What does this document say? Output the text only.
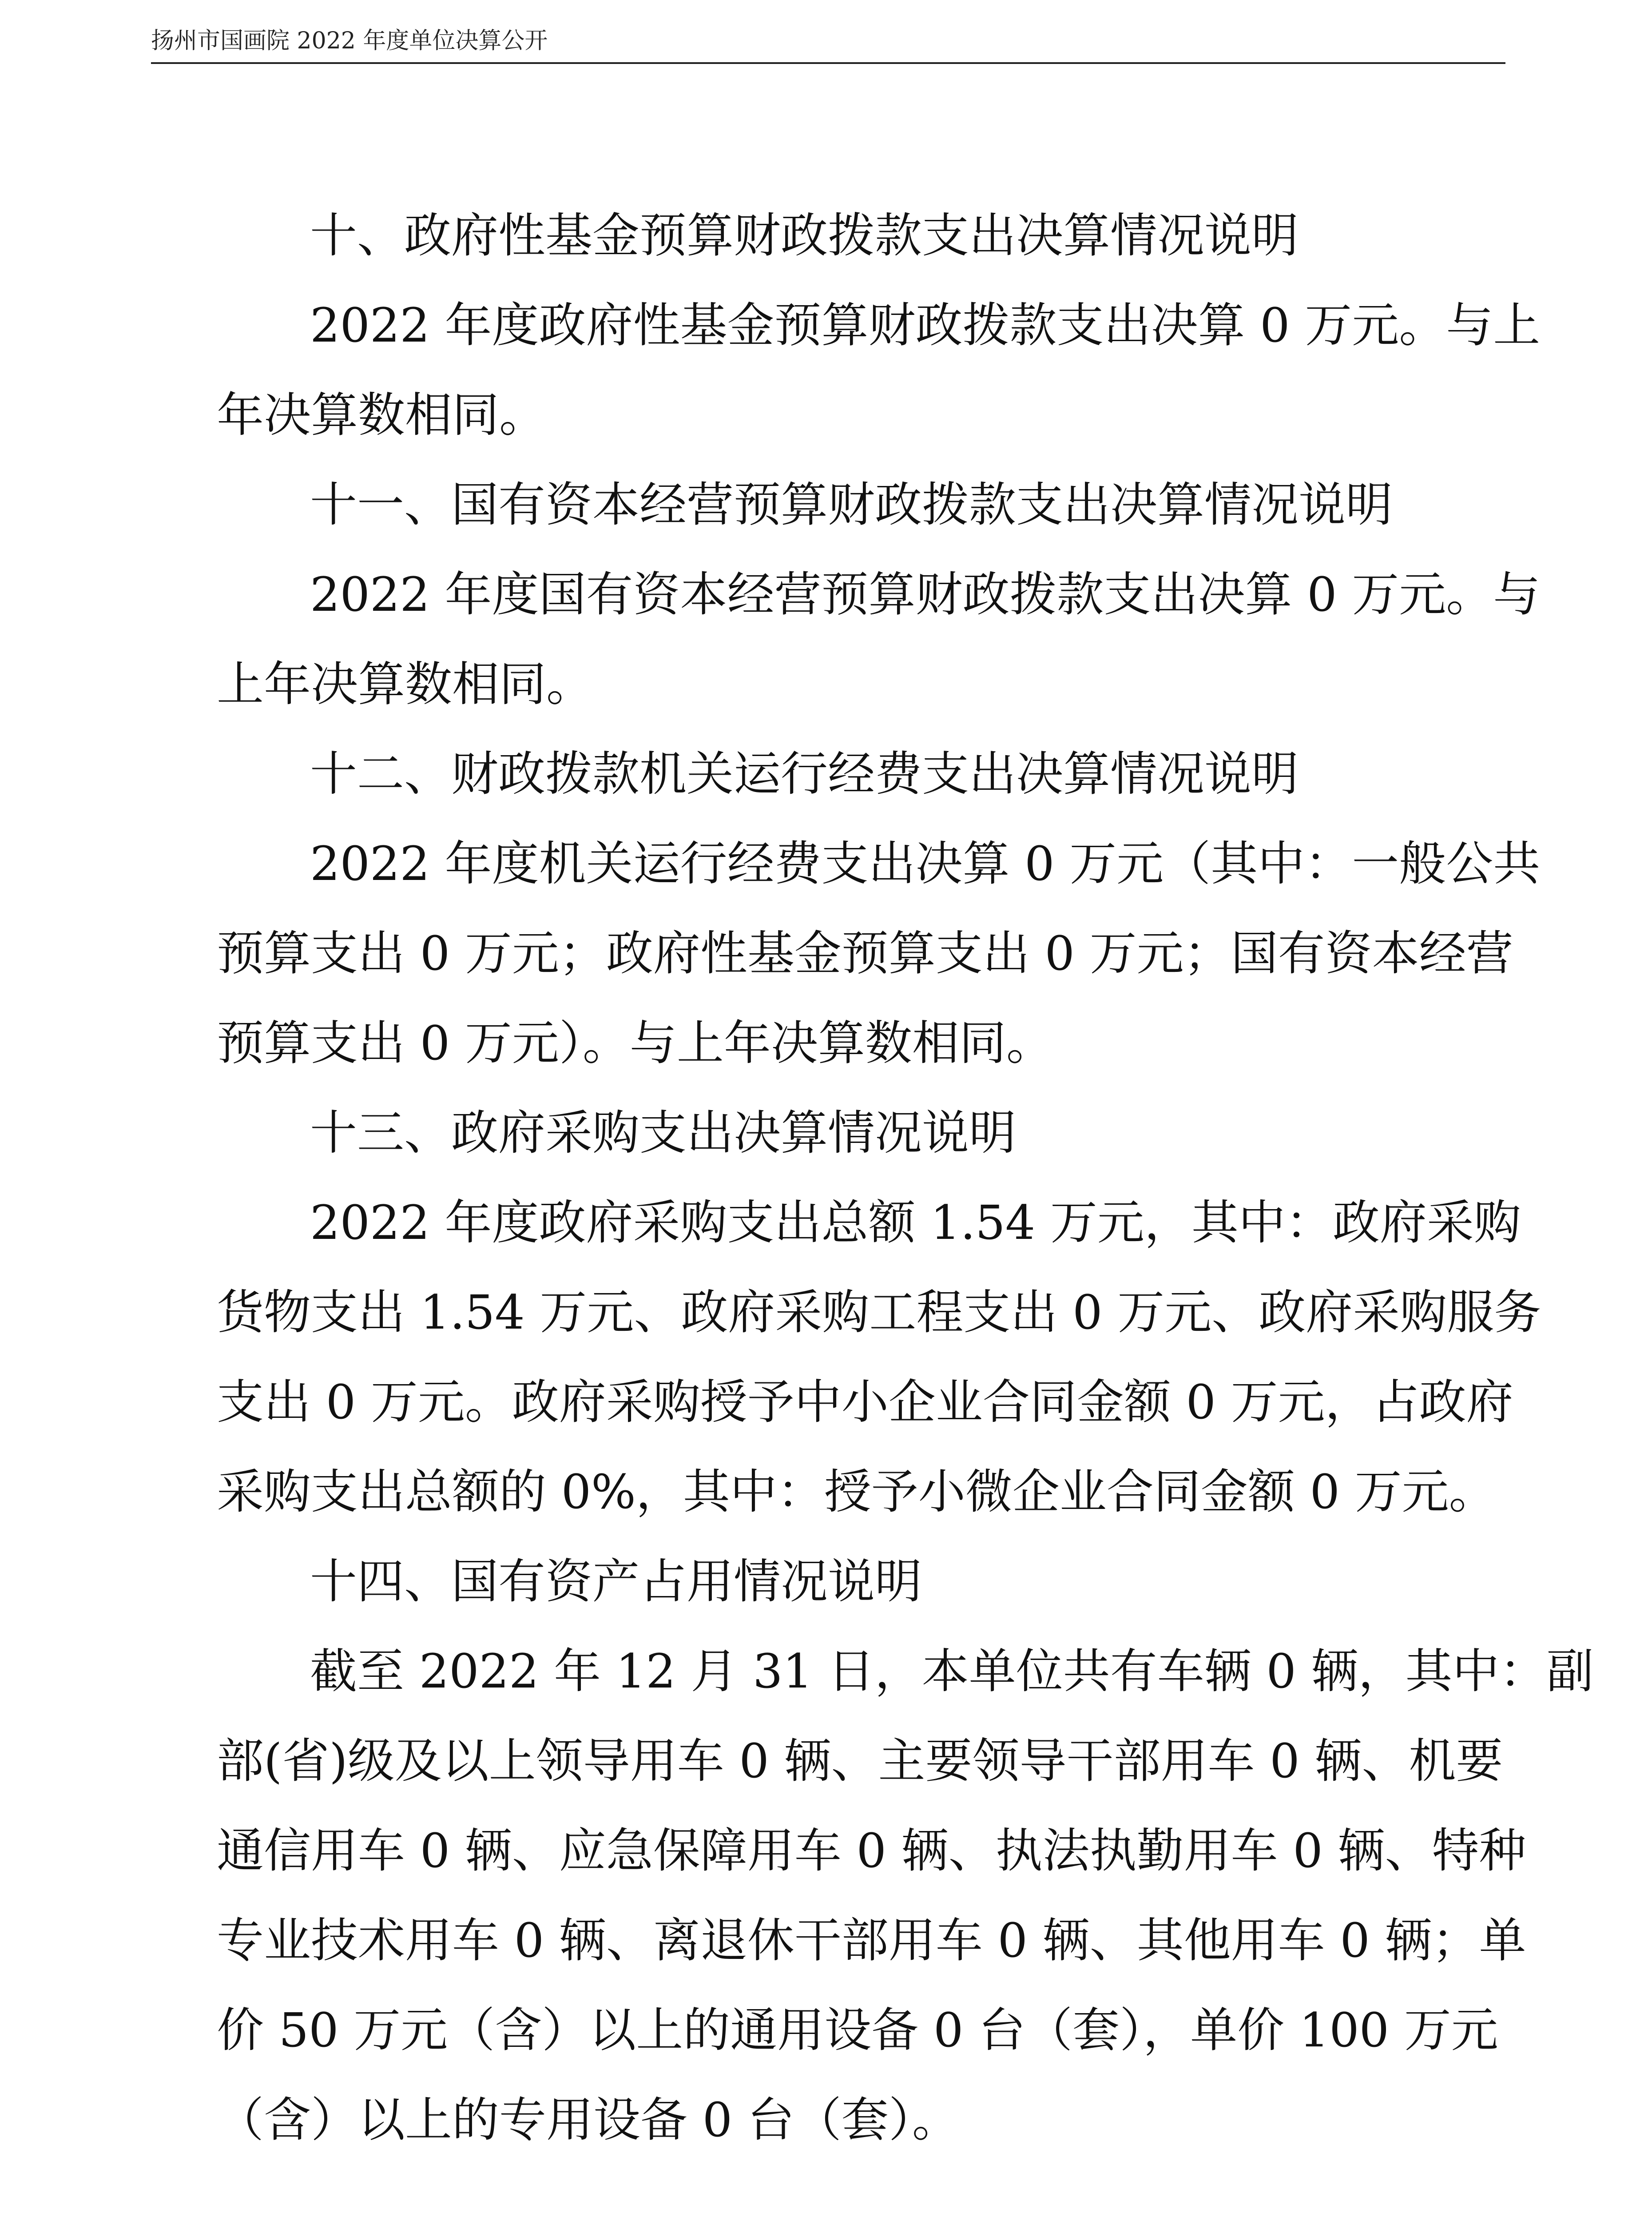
扬州市国画院 2022 年度单位决算公开
十、政府性基金预算财政拨款支出决算情况说明
2022 年度政府性基金预算财政拨款支出决算 0 万元。与上
年决算数相同。
十一、国有资本经营预算财政拨款支出决算情况说明
2022 年度国有资本经营预算财政拨款支出决算 0 万元。与
上年决算数相同。
十二、财政拨款机关运行经费支出决算情况说明
2022 年度机关运行经费支出决算 0 万元（其中：一般公共
预算支出 0 万元；政府性基金预算支出 0 万元；国有资本经营
预算支出 0 万元）。与上年决算数相同。
十三、政府采购支出决算情况说明
2022 年度政府采购支出总额 1.54 万元，其中：政府采购
货物支出 1.54 万元、政府采购工程支出 0 万元、政府采购服务
支出 0 万元。政府采购授予中小企业合同金额 0 万元，占政府
采购支出总额的 0%，其中：授予小微企业合同金额 0 万元。
十四、国有资产占用情况说明
截至 2022 年 12 月 31 日，本单位共有车辆 0 辆，其中：副
部(省)级及以上领导用车 0 辆、主要领导干部用车 0 辆、机要
通信用车 0 辆、应急保障用车 0 辆、执法执勤用车 0 辆、特种
专业技术用车 0 辆、离退休干部用车 0 辆、其他用车 0 辆；单
价 50 万元（含）以上的通用设备 0 台（套），单价 100 万元
（含）以上的专用设备 0 台（套）。
